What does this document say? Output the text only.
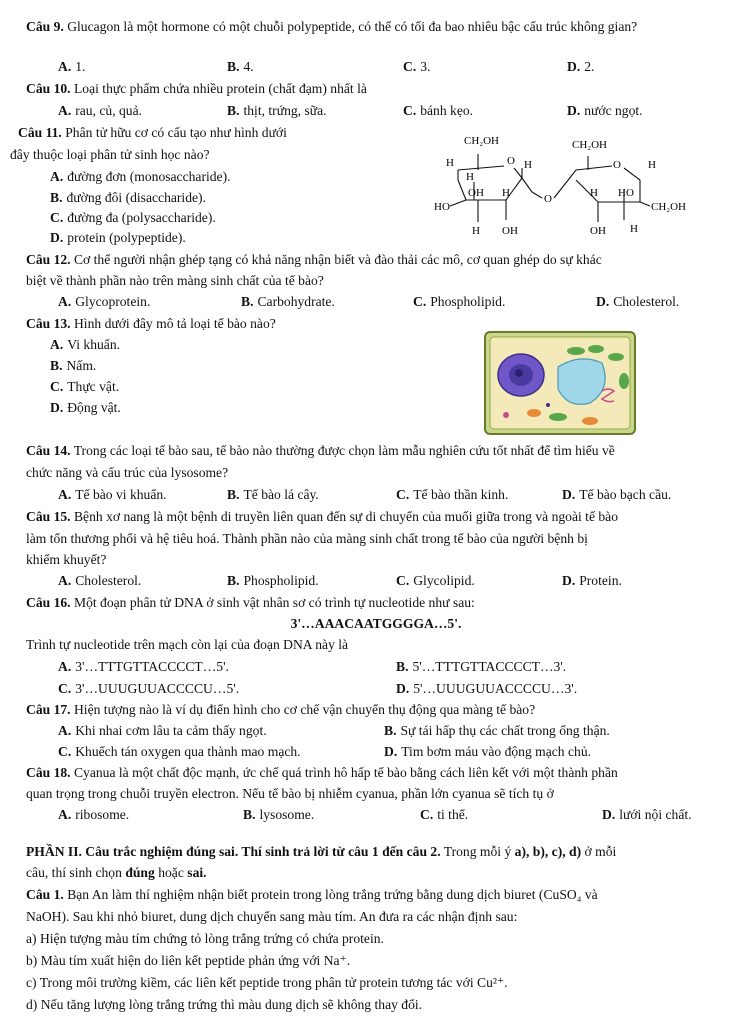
Câu 9. Glucagon là một hormone có một chuỗi polypeptide, có thể có tối đa bao nhiêu bậc cấu trúc không gian?
A. 1.	B. 4.	C. 3.	D. 2.
Câu 10. Loại thực phẩm chứa nhiều protein (chất đạm) nhất là
A. rau, củ, quả.	B. thịt, trứng, sữa.	C. bánh kẹo.	D. nước ngọt.
Câu 11. Phân tử hữu cơ có cấu tạo như hình dưới
đây thuộc loại phân tử sinh học nào?
A. đường đơn (monosaccharide).
B. đường đôi (disaccharide).
C. đường đa (polysaccharide).
D. protein (polypeptide).
CH₂OH
H	O H
H
OH H
HO
H OH
O
CH₂OH
O H
H HO
CH₂OH
OH H
Câu 12. Cơ thể người nhận ghép tạng có khả năng nhận biết và đào thải các mô, cơ quan ghép do sự khác
biệt về thành phần nào trên màng sinh chất của tế bào?
A. Glycoprotein.	B. Carbohydrate.	C. Phospholipid.	D. Cholesterol.
Câu 13. Hình dưới đây mô tả loại tế bào nào?
A. Vi khuẩn.
B. Nấm.
C. Thực vật.
D. Động vật.
Câu 14. Trong các loại tế bào sau, tế bào nào thường được chọn làm mẫu nghiên cứu tốt nhất để tìm hiểu về
chức năng và cấu trúc của lysosome?
A. Tế bào vi khuẩn.	B. Tế bào lá cây.	C. Tế bào thần kinh.	D. Tế bào bạch cầu.
Câu 15. Bệnh xơ nang là một bệnh di truyền liên quan đến sự di chuyển của muối giữa trong và ngoài tế bào
làm tổn thương phổi và hệ tiêu hoá. Thành phần nào của màng sinh chất trong tế bào của người bệnh bị
khiếm khuyết?
A. Cholesterol.	B. Phospholipid.	C. Glycolipid.	D. Protein.
Câu 16. Một đoạn phân tử DNA ở sinh vật nhân sơ có trình tự nucleotide như sau:
3'…AAACAATGGGGA…5'.
Trình tự nucleotide trên mạch còn lại của đoạn DNA này là
A. 3'…TTTGTTACCCCT…5'.	B. 5'…TTTGTTACCCCT…3'.
C. 3'…UUUGUUACCCCU…5'.	D. 5'…UUUGUUACCCCU…3'.
Câu 17. Hiện tượng nào là ví dụ điển hình cho cơ chế vận chuyển thụ động qua màng tế bào?
A. Khi nhai cơm lâu ta cảm thấy ngọt.	B. Sự tái hấp thụ các chất trong ống thận.
C. Khuếch tán oxygen qua thành mao mạch.	D. Tim bơm máu vào động mạch chủ.
Câu 18. Cyanua là một chất độc mạnh, ức chế quá trình hô hấp tế bào bằng cách liên kết với một thành phần
quan trọng trong chuỗi truyền electron. Nếu tế bào bị nhiễm cyanua, phần lớn cyanua sẽ tích tụ ở
A. ribosome.	B. lysosome.	C. ti thể.	D. lưới nội chất.
PHẦN II. Câu trắc nghiệm đúng sai. Thí sinh trả lời từ câu 1 đến câu 2. Trong mỗi ý a), b), c), d) ở mỗi
câu, thí sinh chọn đúng hoặc sai.
Câu 1. Bạn An làm thí nghiệm nhận biết protein trong lòng trắng trứng bằng dung dịch biuret (CuSO₄ và
NaOH). Sau khi nhỏ biuret, dung dịch chuyển sang màu tím. An đưa ra các nhận định sau:
a) Hiện tượng màu tím chứng tỏ lòng trắng trứng có chứa protein.
b) Màu tím xuất hiện do liên kết peptide phản ứng với Na⁺.
c) Trong môi trường kiềm, các liên kết peptide trong phân tử protein tương tác với Cu²⁺.
d) Nếu tăng lượng lòng trắng trứng thì màu dung dịch sẽ không thay đổi.
